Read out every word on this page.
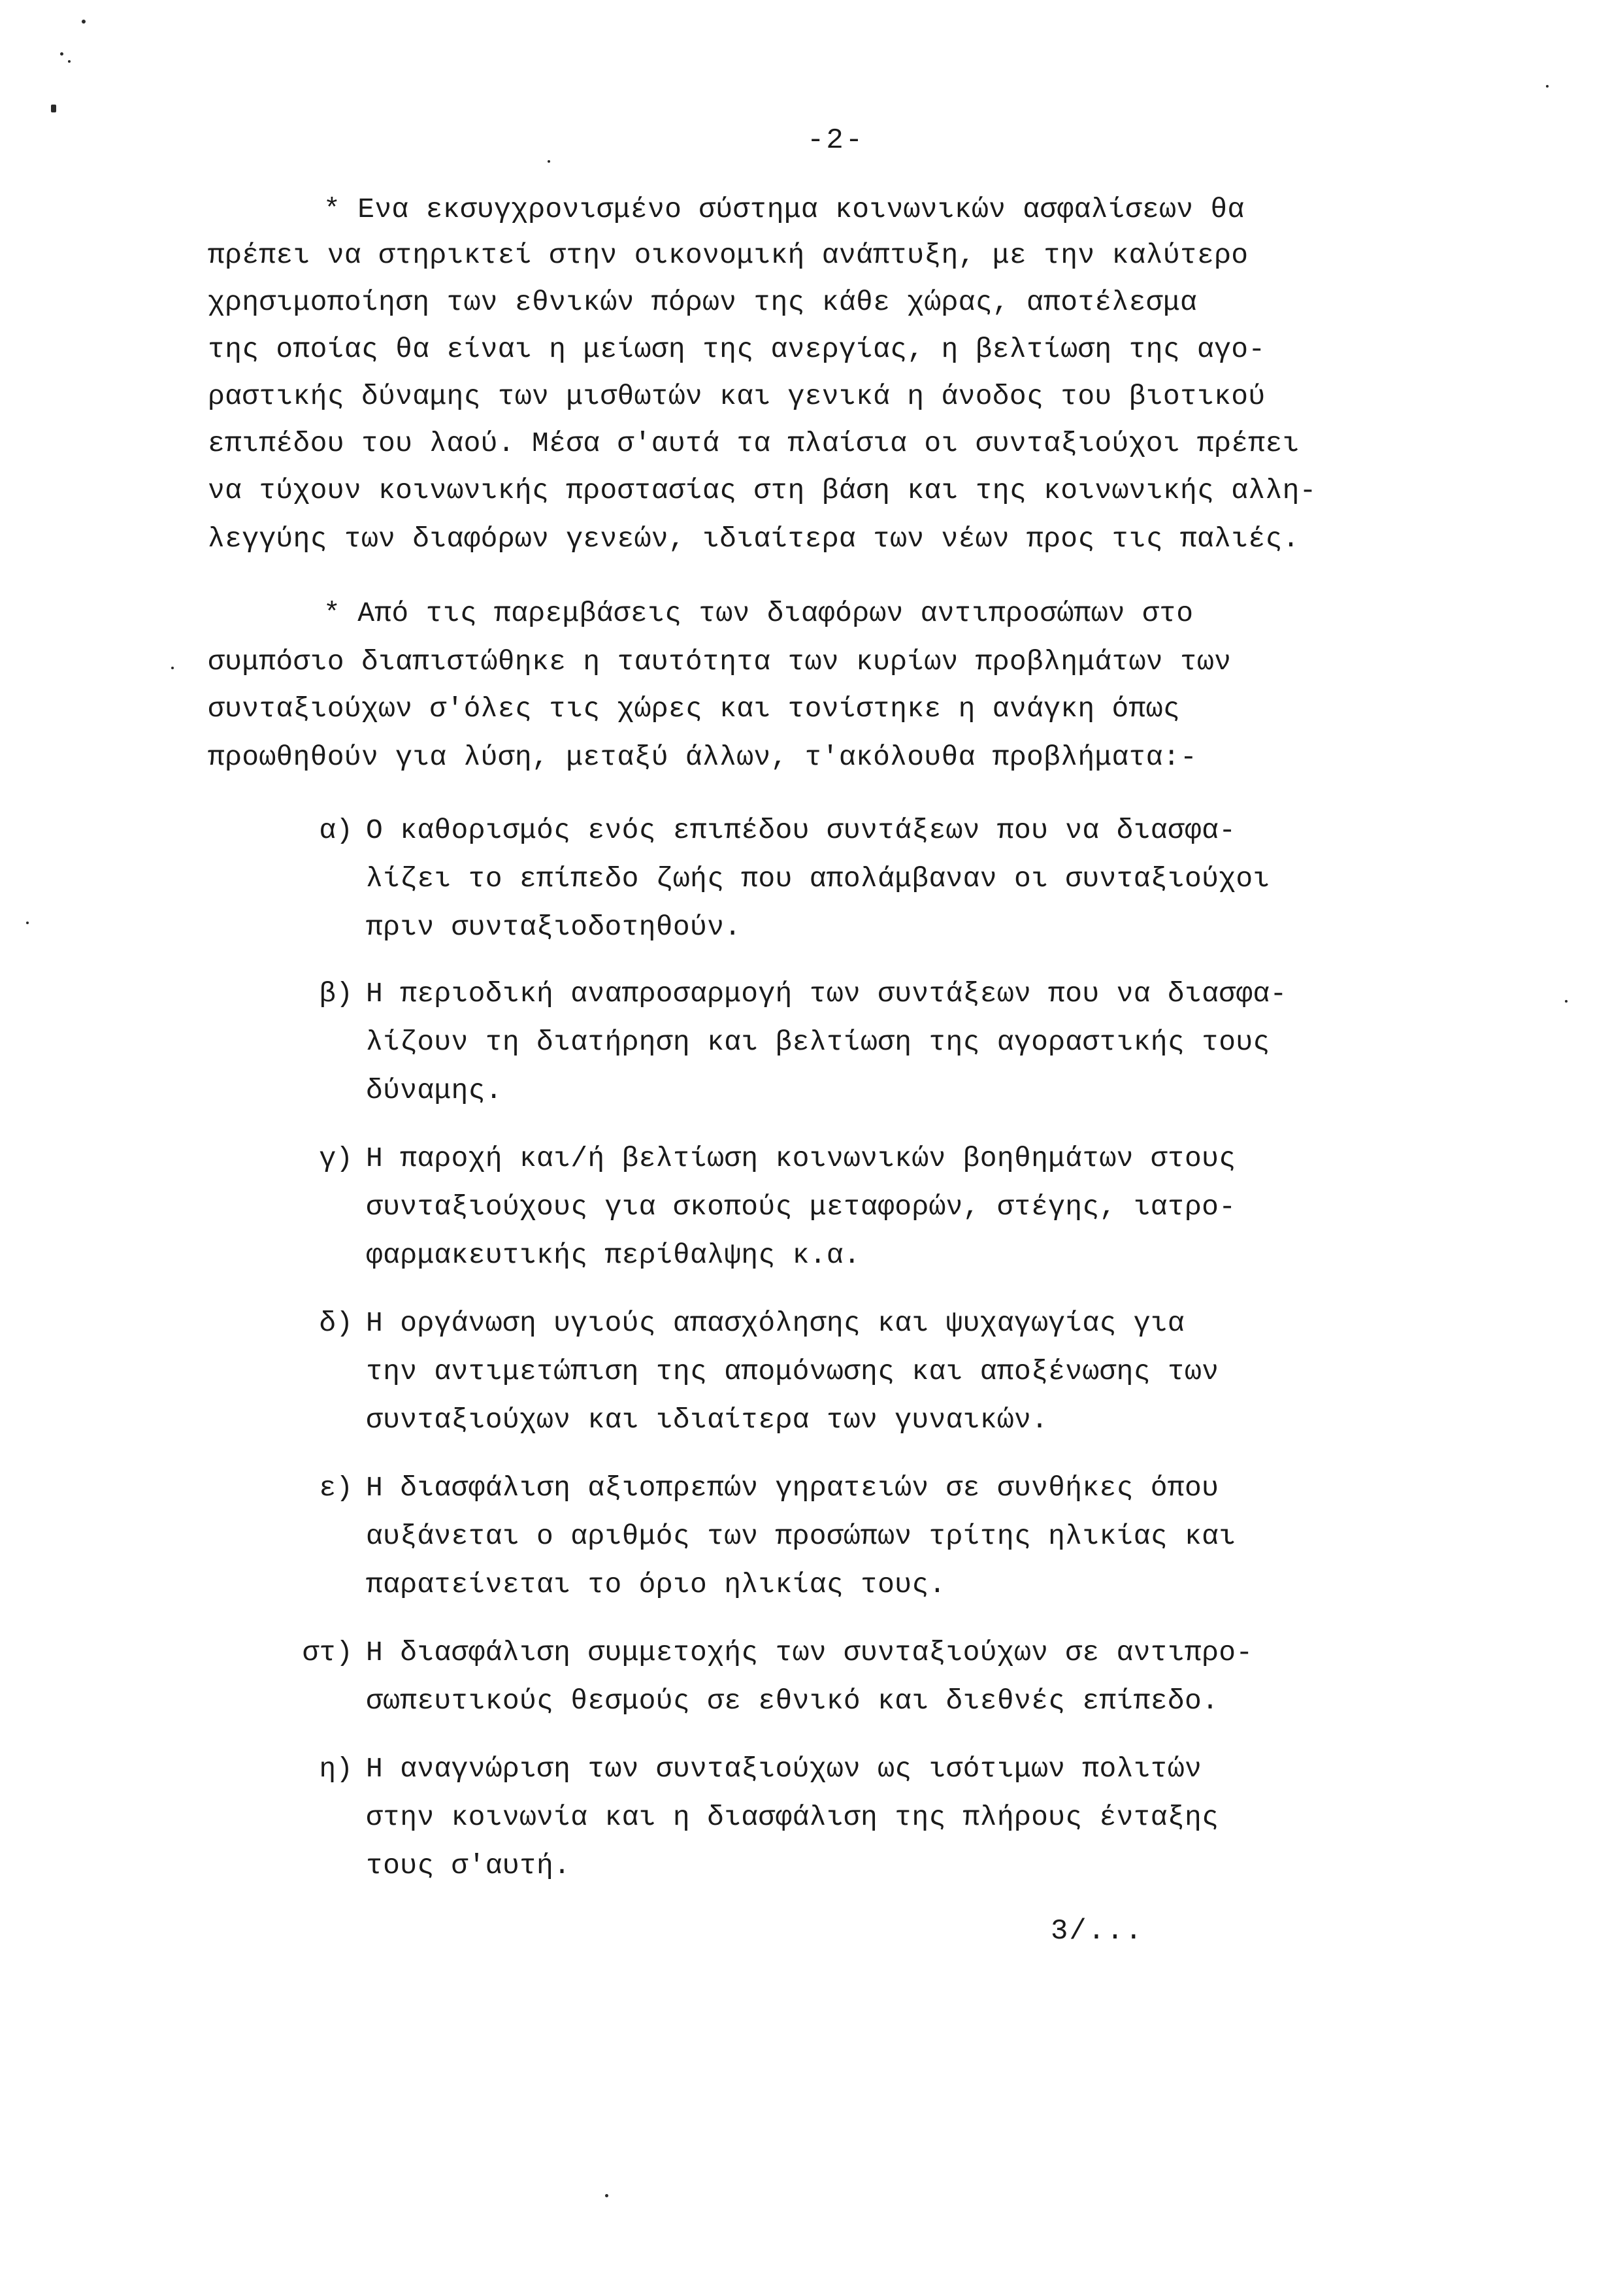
-2-
* Ενα εκσυγχρονισμένο σύστημα κοινωνικών ασφαλίσεων θα
πρέπει να στηρικτεί στην οικονομική ανάπτυξη, με την καλύτερο
χρησιμοποίηση των εθνικών πόρων της κάθε χώρας, αποτέλεσμα
της οποίας θα είναι η μείωση της ανεργίας, η βελτίωση της αγο-
ραστικής δύναμης των μισθωτών και γενικά η άνοδος του βιοτικού
επιπέδου του λαού. Μέσα σ'αυτά τα πλαίσια οι συνταξιούχοι πρέπει
να τύχουν κοινωνικής προστασίας στη βάση και της κοινωνικής αλλη-
λεγγύης των διαφόρων γενεών, ιδιαίτερα των νέων προς τις παλιές.
* Από τις παρεμβάσεις των διαφόρων αντιπροσώπων στο
συμπόσιο διαπιστώθηκε η ταυτότητα των κυρίων προβλημάτων των
συνταξιούχων σ'όλες τις χώρες και τονίστηκε η ανάγκη όπως
προωθηθούν για λύση, μεταξύ άλλων, τ'ακόλουθα προβλήματα:-
α) Ο καθορισμός ενός επιπέδου συντάξεων που να διασφα-
λίζει το επίπεδο ζωής που απολάμβαναν οι συνταξιούχοι
πριν συνταξιοδοτηθούν.
β) Η περιοδική αναπροσαρμογή των συντάξεων που να διασφα-
λίζουν τη διατήρηση και βελτίωση της αγοραστικής τους
δύναμης.
γ) Η παροχή και/ή βελτίωση κοινωνικών βοηθημάτων στους
συνταξιούχους για σκοπούς μεταφορών, στέγης, ιατρο-
φαρμακευτικής περίθαλψης κ.α.
δ) Η οργάνωση υγιούς απασχόλησης και ψυχαγωγίας για
την αντιμετώπιση της απομόνωσης και αποξένωσης των
συνταξιούχων και ιδιαίτερα των γυναικών.
ε) Η διασφάλιση αξιοπρεπών γηρατειών σε συνθήκες όπου
αυξάνεται ο αριθμός των προσώπων τρίτης ηλικίας και
παρατείνεται το όριο ηλικίας τους.
στ) Η διασφάλιση συμμετοχής των συνταξιούχων σε αντιπρο-
σωπευτικούς θεσμούς σε εθνικό και διεθνές επίπεδο.
η) Η αναγνώριση των συνταξιούχων ως ισότιμων πολιτών
στην κοινωνία και η διασφάλιση της πλήρους ένταξης
τους σ'αυτή.
3/...
